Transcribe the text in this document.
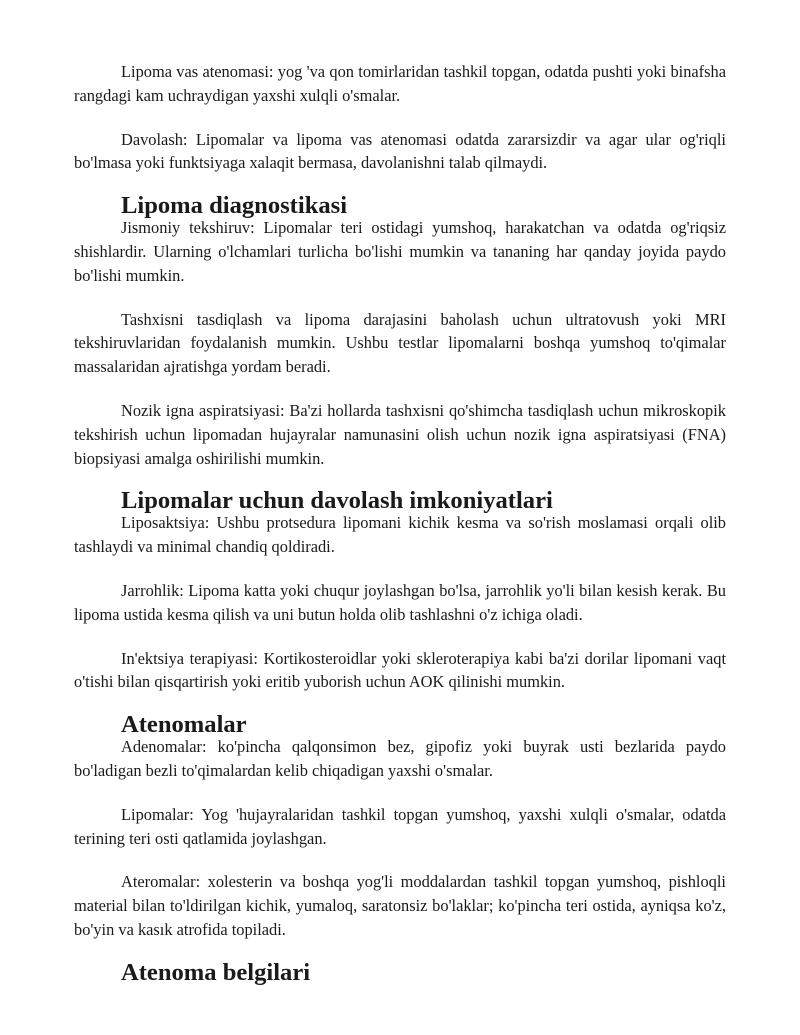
Lipoma vas atenomasi: yog 'va qon tomirlaridan tashkil topgan, odatda pushti yoki binafsha rangdagi kam uchraydigan yaxshi xulqli o'smalar.

Davolash: Lipomalar va lipoma vas atenomasi odatda zararsizdir va agar ular og'riqli bo'lmasa yoki funktsiyaga xalaqit bermasa, davolanishni talab qilmaydi.

Lipoma diagnostikasi

Jismoniy tekshiruv: Lipomalar teri ostidagi yumshoq, harakatchan va odatda og'riqsiz shishlardir. Ularning o'lchamlari turlicha bo'lishi mumkin va tananing har qanday joyida paydo bo'lishi mumkin.

Tashxisni tasdiqlash va lipoma darajasini baholash uchun ultratovush yoki MRI tekshiruvlaridan foydalanish mumkin. Ushbu testlar lipomalarni boshqa yumshoq to'qimalar massalaridan ajratishga yordam beradi.

Nozik igna aspiratsiyasi: Ba'zi hollarda tashxisni qo'shimcha tasdiqlash uchun mikroskopik tekshirish uchun lipomadan hujayralar namunasini olish uchun nozik igna aspiratsiyasi (FNA) biopsiyasi amalga oshirilishi mumkin.

Lipomalar uchun davolash imkoniyatlari

Liposaktsiya: Ushbu protsedura lipomani kichik kesma va so'rish moslamasi orqali olib tashlaydi va minimal chandiq qoldiradi.

Jarrohlik: Lipoma katta yoki chuqur joylashgan bo'lsa, jarrohlik yo'li bilan kesish kerak. Bu lipoma ustida kesma qilish va uni butun holda olib tashlashni o'z ichiga oladi.

In'ektsiya terapiyasi: Kortikosteroidlar yoki skleroterapiya kabi ba'zi dorilar lipomani vaqt o'tishi bilan qisqartirish yoki eritib yuborish uchun AOK qilinishi mumkin.

Atenomalar

Adenomalar: ko'pincha qalqonsimon bez, gipofiz yoki buyrak usti bezlarida paydo bo'ladigan bezli to'qimalardan kelib chiqadigan yaxshi o'smalar.

Lipomalar: Yog 'hujayralaridan tashkil topgan yumshoq, yaxshi xulqli o'smalar, odatda terining teri osti qatlamida joylashgan.

Ateromalar: xolesterin va boshqa yog'li moddalardan tashkil topgan yumshoq, pishloqli material bilan to'ldirilgan kichik, yumaloq, saratonsiz bo'laklar; ko'pincha teri ostida, ayniqsa ko'z, bo'yin va kasık atrofida topiladi.

Atenoma belgilari
